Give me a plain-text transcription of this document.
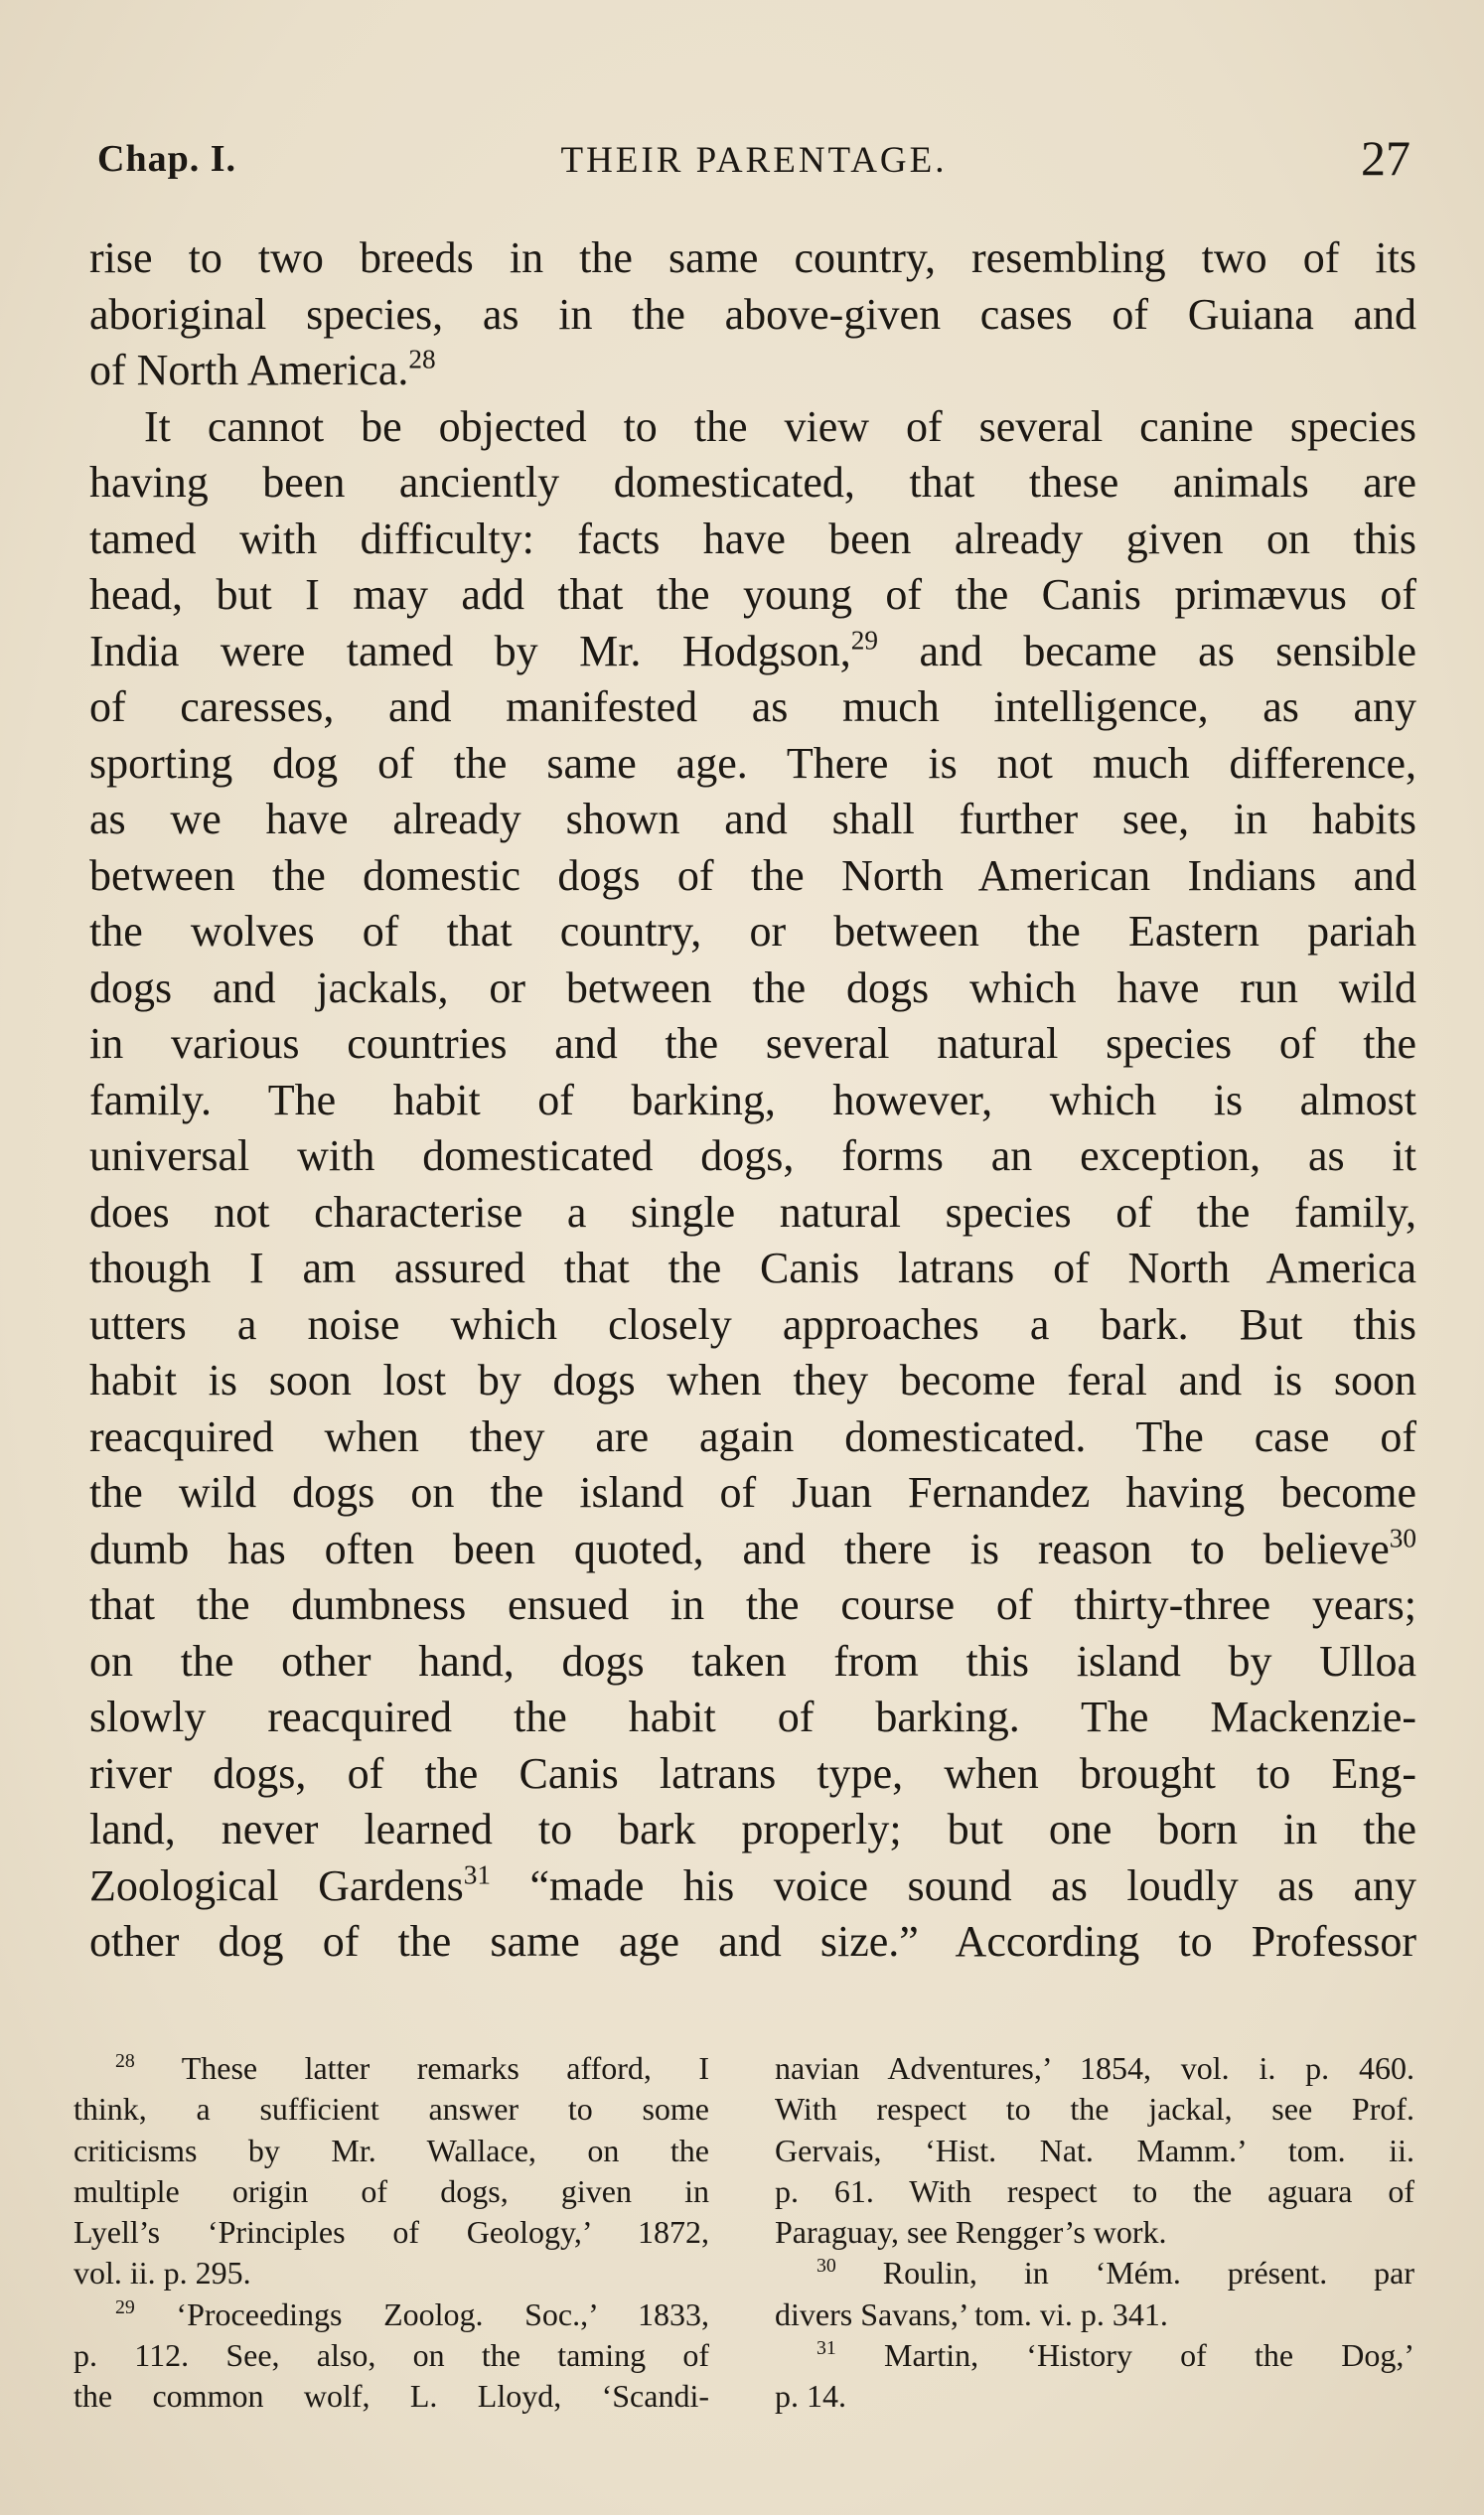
Chap. I.	THEIR PARENTAGE.	27
rise to two breeds in the same country, resembling two of its
aboriginal species, as in the above-given cases of Guiana and
of North America.$^{28}$
It cannot be objected to the view of several canine species
having been anciently domesticated, that these animals are
tamed with difficulty: facts have been already given on this
head, but I may add that the young of the Canis primævus of
India were tamed by Mr. Hodgson,$^{29}$ and became as sensible
of caresses, and manifested as much intelligence, as any
sporting dog of the same age. There is not much difference,
as we have already shown and shall further see, in habits
between the domestic dogs of the North American Indians and
the wolves of that country, or between the Eastern pariah
dogs and jackals, or between the dogs which have run wild
in various countries and the several natural species of the
family. The habit of barking, however, which is almost
universal with domesticated dogs, forms an exception, as it
does not characterise a single natural species of the family,
though I am assured that the Canis latrans of North America
utters a noise which closely approaches a bark. But this
habit is soon lost by dogs when they become feral and is soon
reacquired when they are again domesticated. The case of
the wild dogs on the island of Juan Fernandez having become
dumb has often been quoted, and there is reason to believe$^{30}$
that the dumbness ensued in the course of thirty-three years;
on the other hand, dogs taken from this island by Ulloa
slowly reacquired the habit of barking. The Mackenzie-
river dogs, of the Canis latrans type, when brought to Eng-
land, never learned to bark properly; but one born in the
Zoological Gardens$^{31}$ “made his voice sound as loudly as any
other dog of the same age and size.” According to Professor
$^{28}$ These latter remarks afford, I
think, a sufficient answer to some
criticisms by Mr. Wallace, on the
multiple origin of dogs, given in
Lyell’s ‘Principles of Geology,’ 1872,
vol. ii. p. 295.
$^{29}$ ‘Proceedings Zoolog. Soc.,’ 1833,
p. 112. See, also, on the taming of
the common wolf, L. Lloyd, ‘Scandi-
navian Adventures,’ 1854, vol. i. p. 460.
With respect to the jackal, see Prof.
Gervais, ‘Hist. Nat. Mamm.’ tom. ii.
p. 61. With respect to the aguara of
Paraguay, see Rengger’s work.
$^{30}$ Roulin, in ‘Mém. présent. par
divers Savans,’ tom. vi. p. 341.
$^{31}$ Martin, ‘History of the Dog,’
p. 14.
